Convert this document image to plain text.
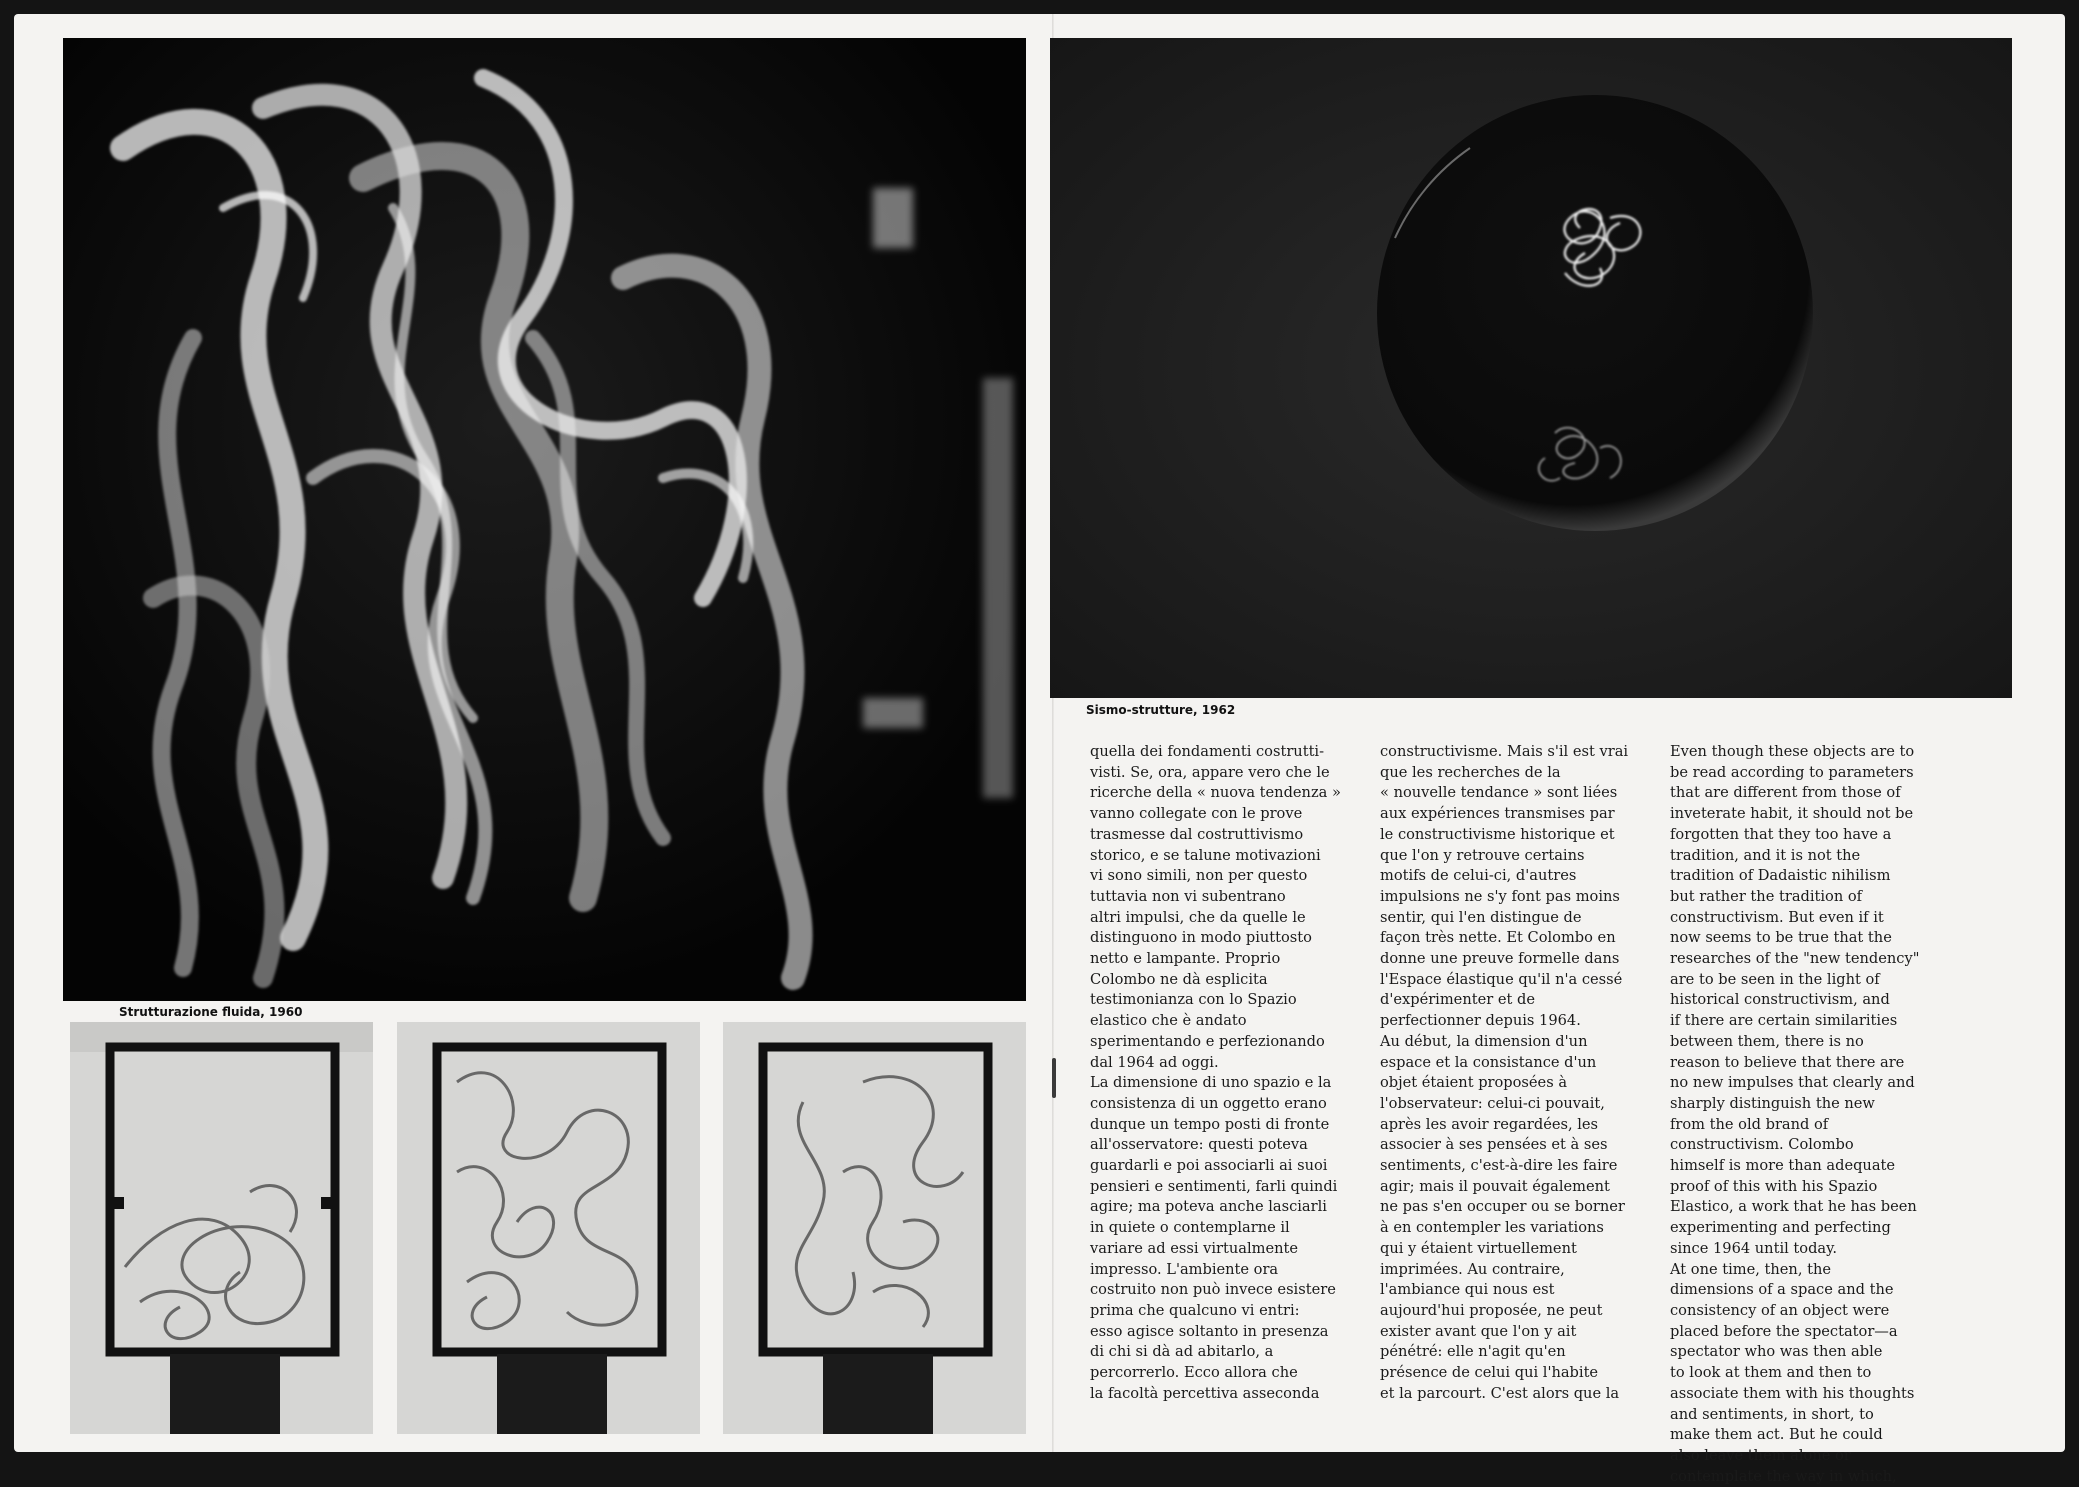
Strutturazione fluida, 1960
Sismo-strutture, 1962

quella dei fondamenti costrutti-

visti. Se, ora, appare vero che le

ricerche della « nuova tendenza »

vanno collegate con le prove

trasmesse dal costruttivismo

storico, e se talune motivazioni

vi sono simili, non per questo

tuttavia non vi subentrano

altri impulsi, che da quelle le

distinguono in modo piuttosto

netto e lampante. Proprio

Colombo ne dà esplicita

testimonianza con lo Spazio

elastico che è andato

sperimentando e perfezionando

dal 1964 ad oggi.

La dimensione di uno spazio e la

consistenza di un oggetto erano

dunque un tempo posti di fronte

all'osservatore: questi poteva

guardarli e poi associarli ai suoi

pensieri e sentimenti, farli quindi

agire; ma poteva anche lasciarli

in quiete o contemplarne il

variare ad essi virtualmente

impresso. L'ambiente ora

costruito non può invece esistere

prima che qualcuno vi entri:

esso agisce soltanto in presenza

di chi si dà ad abitarlo, a

percorrerlo. Ecco allora che

la facoltà percettiva asseconda

constructivisme. Mais s'il est vrai

que les recherches de la

« nouvelle tendance » sont liées

aux expériences transmises par

le constructivisme historique et

que l'on y retrouve certains

motifs de celui-ci, d'autres

impulsions ne s'y font pas moins

sentir, qui l'en distingue de

façon très nette. Et Colombo en

donne une preuve formelle dans

l'Espace élastique qu'il n'a cessé

d'expérimenter et de

perfectionner depuis 1964.

Au début, la dimension d'un

espace et la consistance d'un

objet étaient proposées à

l'observateur: celui-ci pouvait,

après les avoir regardées, les

associer à ses pensées et à ses

sentiments, c'est-à-dire les faire

agir; mais il pouvait également

ne pas s'en occuper ou se borner

à en contempler les variations

qui y étaient virtuellement

imprimées. Au contraire,

l'ambiance qui nous est

aujourd'hui proposée, ne peut

exister avant que l'on y ait

pénétré: elle n'agit qu'en

présence de celui qui l'habite

et la parcourt. C'est alors que la

Even though these objects are to

be read according to parameters

that are different from those of

inveterate habit, it should not be

forgotten that they too have a

tradition, and it is not the

tradition of Dadaistic nihilism

but rather the tradition of

constructivism. But even if it

now seems to be true that the

researches of the "new tendency"

are to be seen in the light of

historical constructivism, and

if there are certain similarities

between them, there is no

reason to believe that there are

no new impulses that clearly and

sharply distinguish the new

from the old brand of

constructivism. Colombo

himself is more than adequate

proof of this with his Spazio

Elastico, a work that he has been

experimenting and perfecting

since 1964 until today.

At one time, then, the

dimensions of a space and the

consistency of an object were

placed before the spectator—a

spectator who was then able

to look at them and then to

associate them with his thoughts

and sentiments, in short, to

make them act. But he could

also leave them alone or

contemplate the way in which,
